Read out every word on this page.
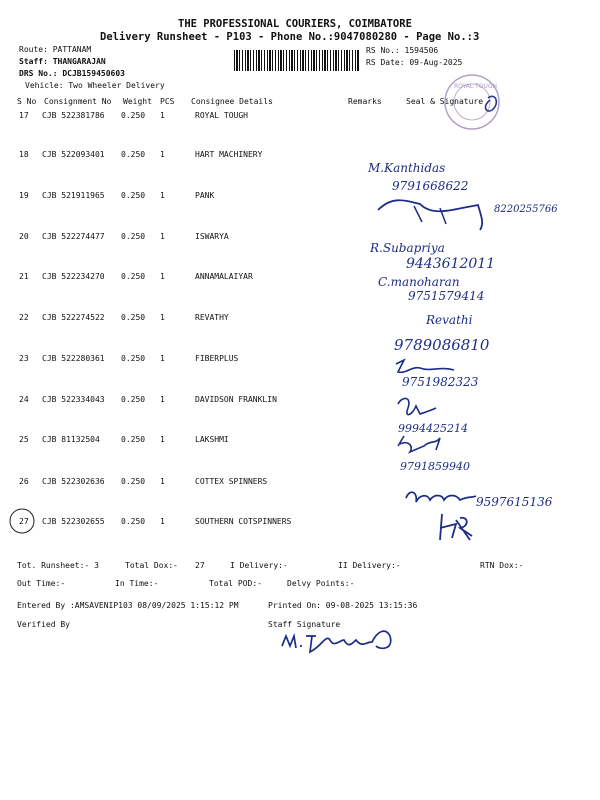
THE PROFESSIONAL COURIERS, COIMBATORE
Delivery Runsheet - P103 - Phone No.:9047080280 - Page No.:3
Route: PATTANAM
Staff: THANGARAJAN
DRS No.: DCJB159450603
Vehicle: Two Wheeler Delivery
RS No.: 1594506
RS Date: 09-Aug-2025
S No Consignment No Weight PCS Consignee Details	Remarks	Seal & Signature
17 CJB 522381786 0.250 1	ROYAL TOUGH
18 CJB 522093401 0.250 1	HART MACHINERY
19 CJB 521911965 0.250 1	PANK
20 CJB 522274477 0.250 1	ISWARYA
21 CJB 522234270 0.250 1	ANNAMALAIYAR
22 CJB 522274522 0.250 1	REVATHY
23 CJB 522280361 0.250 1	FIBERPLUS
24 CJB 522334043 0.250 1	DAVIDSON FRANKLIN
25 CJB 81132504	0.250 1	LAKSHMI
26 CJB 522302636 0.250 1	COTTEX SPINNERS
27 CJB 522302655 0.250 1	SOUTHERN COTSPINNERS
ROYAL TOUGH
M.Kanthidas
9791668622
8220255766
R.Subapriya
9443612011
C.manoharan
9751579414
Revathi
9789086810
9751982323
9994425214
9791859940
9597615136
H/R
Tot. Runsheet:- 3	Total Dox:- 27	I Delivery:-	II Delivery:-	RTN Dox:-
Out Time:-	In Time:-	Total POD:-	Delvy Points:-
Entered By :AMSAVENIP103 08/09/2025 1:15:12 PM	Printed On: 09-08-2025 13:15:36
Verified By	Staff Signature
